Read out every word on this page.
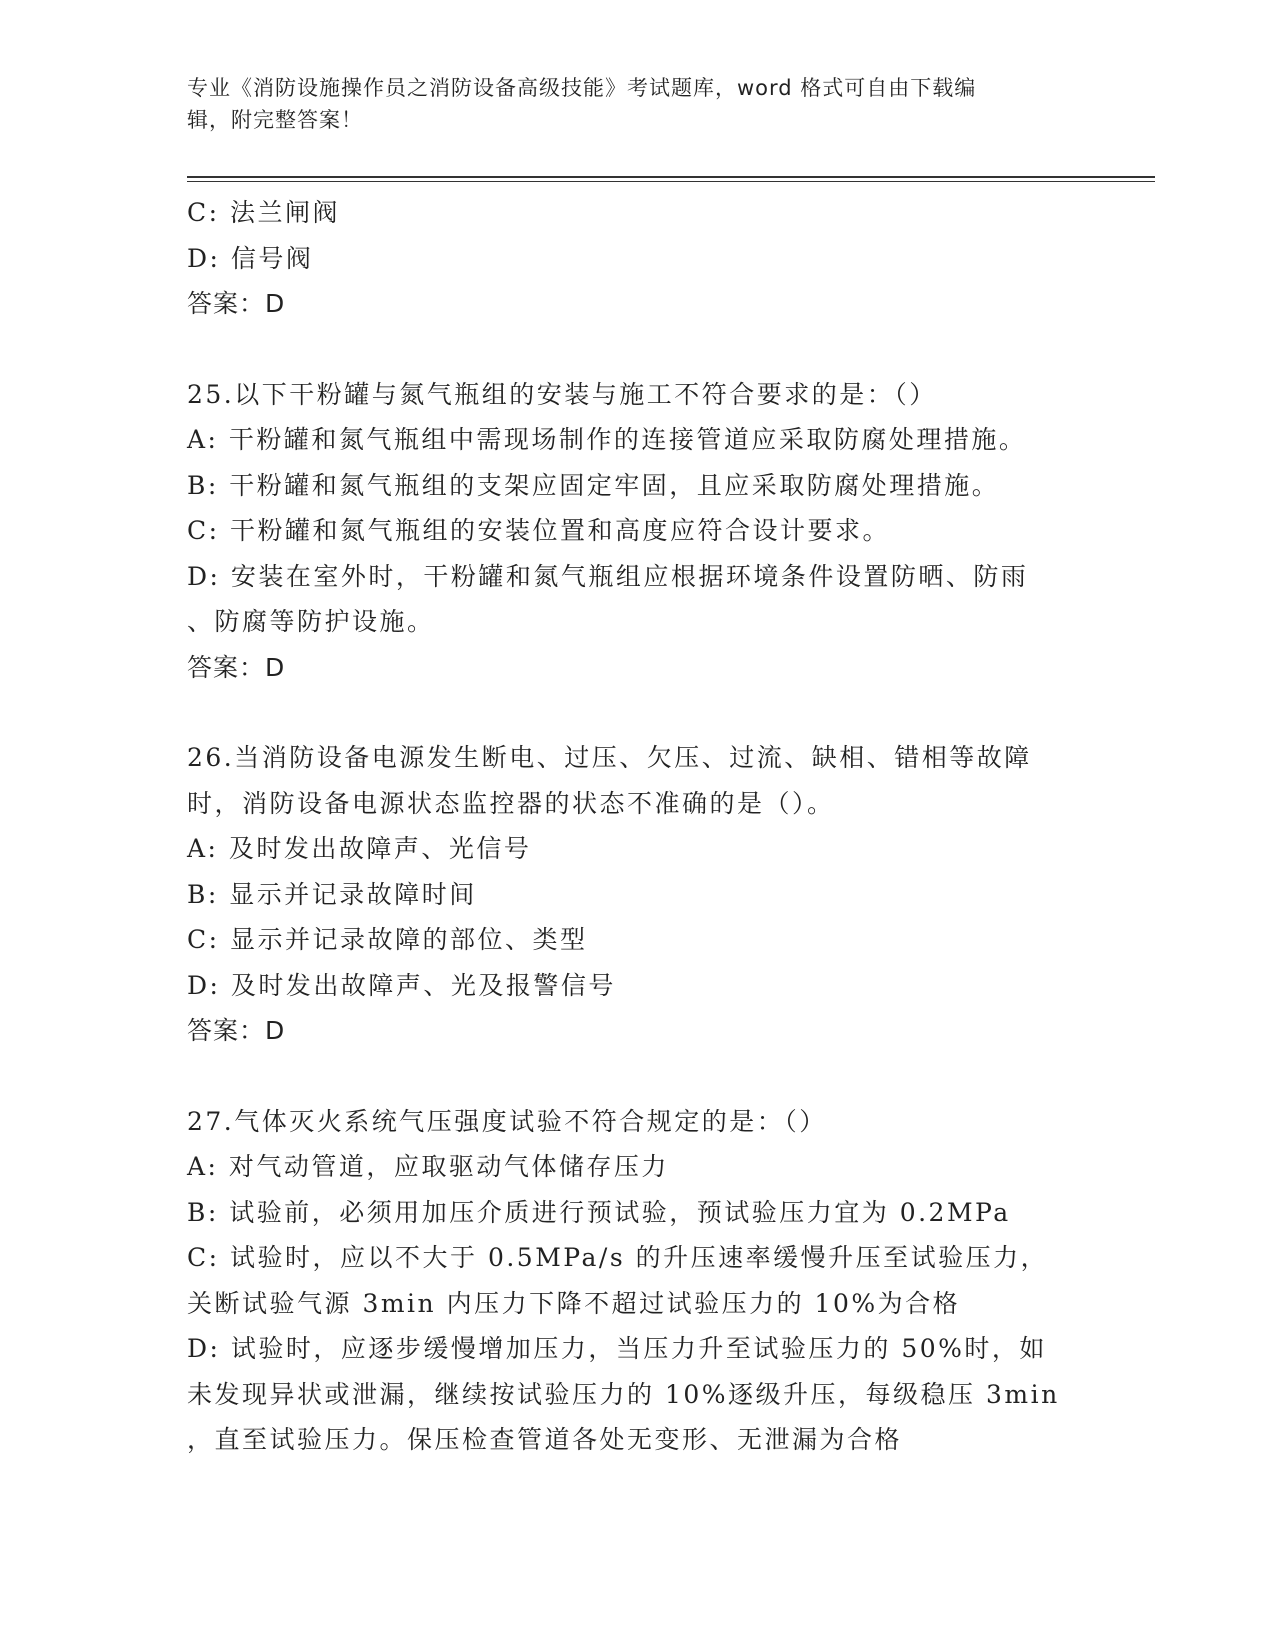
专业《消防设施操作员之消防设备高级技能》考试题库，word 格式可自由下载编
辑，附完整答案！
C: 法兰闸阀
D: 信号阀
答案：D
25.以下干粉罐与氮气瓶组的安装与施工不符合要求的是：（）
A: 干粉罐和氮气瓶组中需现场制作的连接管道应采取防腐处理措施。
B: 干粉罐和氮气瓶组的支架应固定牢固，且应采取防腐处理措施。
C: 干粉罐和氮气瓶组的安装位置和高度应符合设计要求。
D: 安装在室外时，干粉罐和氮气瓶组应根据环境条件设置防晒、防雨
、防腐等防护设施。
答案：D
26.当消防设备电源发生断电、过压、欠压、过流、缺相、错相等故障
时，消防设备电源状态监控器的状态不准确的是（）。
A: 及时发出故障声、光信号
B: 显示并记录故障时间
C: 显示并记录故障的部位、类型
D: 及时发出故障声、光及报警信号
答案：D
27.气体灭火系统气压强度试验不符合规定的是：（）
A: 对气动管道，应取驱动气体储存压力
B: 试验前，必须用加压介质进行预试验，预试验压力宜为 0.2MPa
C: 试验时，应以不大于 0.5MPa/s 的升压速率缓慢升压至试验压力，
关断试验气源 3min 内压力下降不超过试验压力的 10%为合格
D: 试验时，应逐步缓慢增加压力，当压力升至试验压力的 50%时，如
未发现异状或泄漏，继续按试验压力的 10%逐级升压，每级稳压 3min
，直至试验压力。保压检查管道各处无变形、无泄漏为合格
